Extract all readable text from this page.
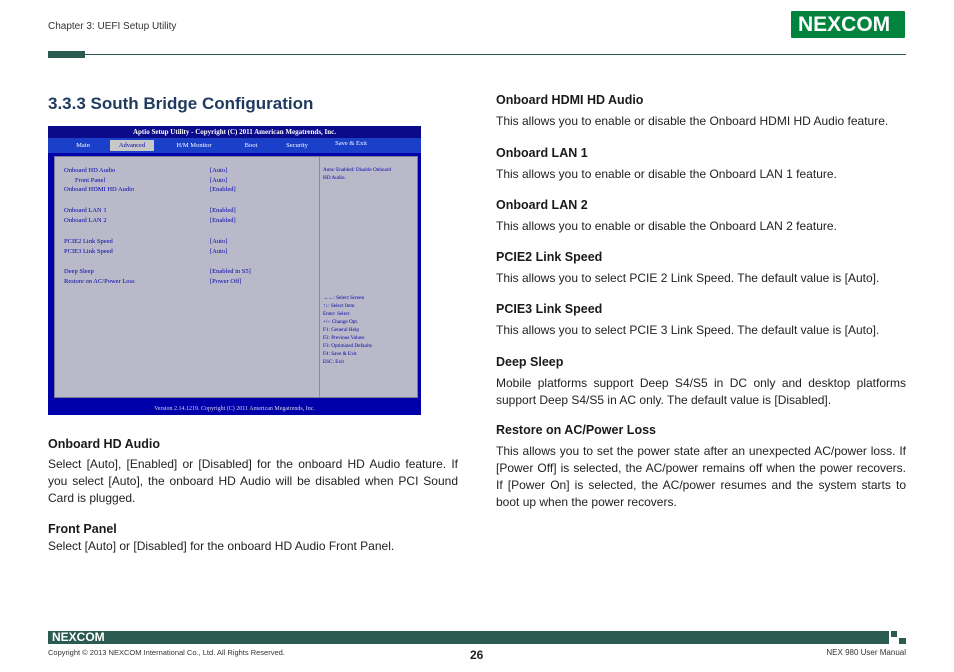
Chapter 3: UEFI Setup Utility	NEXCOM
3.3.3 South Bridge Configuration
Aptio Setup Utility - Copyright (C) 2011 American Megatrends, Inc.
Main	Advanced	H/M Monitor	Boot	Security	Save & Exit
Onboard HD Audio	[Auto]
Front Panel	[Auto]
Onboard HDMI HD Audio	[Enabled]
Onboard LAN 1	[Enabled]
Onboard LAN 2	[Enabled]
PCIE2 Link Speed	[Auto]
PCIE3 Link Speed	[Auto]
Deep Sleep	[Enabled in S5]
Restore on AC/Power Loss	[Power Off]
Auto/ Enabled/ Disable Onboard
HD Audio.
→←: Select Screen
↑↓: Select Item
Enter: Select
+/-: Change Opt.
F1: General Help
F2: Previous Values
F3: Optimized Defaults
F4: Save & Exit
ESC: Exit
Version 2.14.1219. Copyright (C) 2011 American Megatrends, Inc.
Onboard HD Audio
Select [Auto], [Enabled] or [Disabled] for the onboard HD Audio feature. If you select [Auto], the onboard HD Audio will be disabled when PCI Sound Card is plugged.
Front Panel
Select [Auto] or [Disabled] for the onboard HD Audio Front Panel.
Onboard HDMI HD Audio
This allows you to enable or disable the Onboard HDMI HD Audio feature.
Onboard LAN 1
This allows you to enable or disable the Onboard LAN 1 feature.
Onboard LAN 2
This allows you to enable or disable the Onboard LAN 2 feature.
PCIE2 Link Speed
This allows you to select PCIE 2 Link Speed. The default value is [Auto].
PCIE3 Link Speed
This allows you to select PCIE 3 Link Speed. The default value is [Auto].
Deep Sleep
Mobile platforms support Deep S4/S5 in DC only and desktop platforms support Deep S4/S5 in AC only. The default value is [Disabled].
Restore on AC/Power Loss
This allows you to set the power state after an unexpected AC/power loss. If [Power Off] is selected, the AC/power remains off when the power recovers. If [Power On] is selected, the AC/power resumes and the system starts to boot up when the power recovers.
NEXCOM
Copyright © 2013 NEXCOM International Co., Ltd. All Rights Reserved.	26	NEX 980 User Manual
